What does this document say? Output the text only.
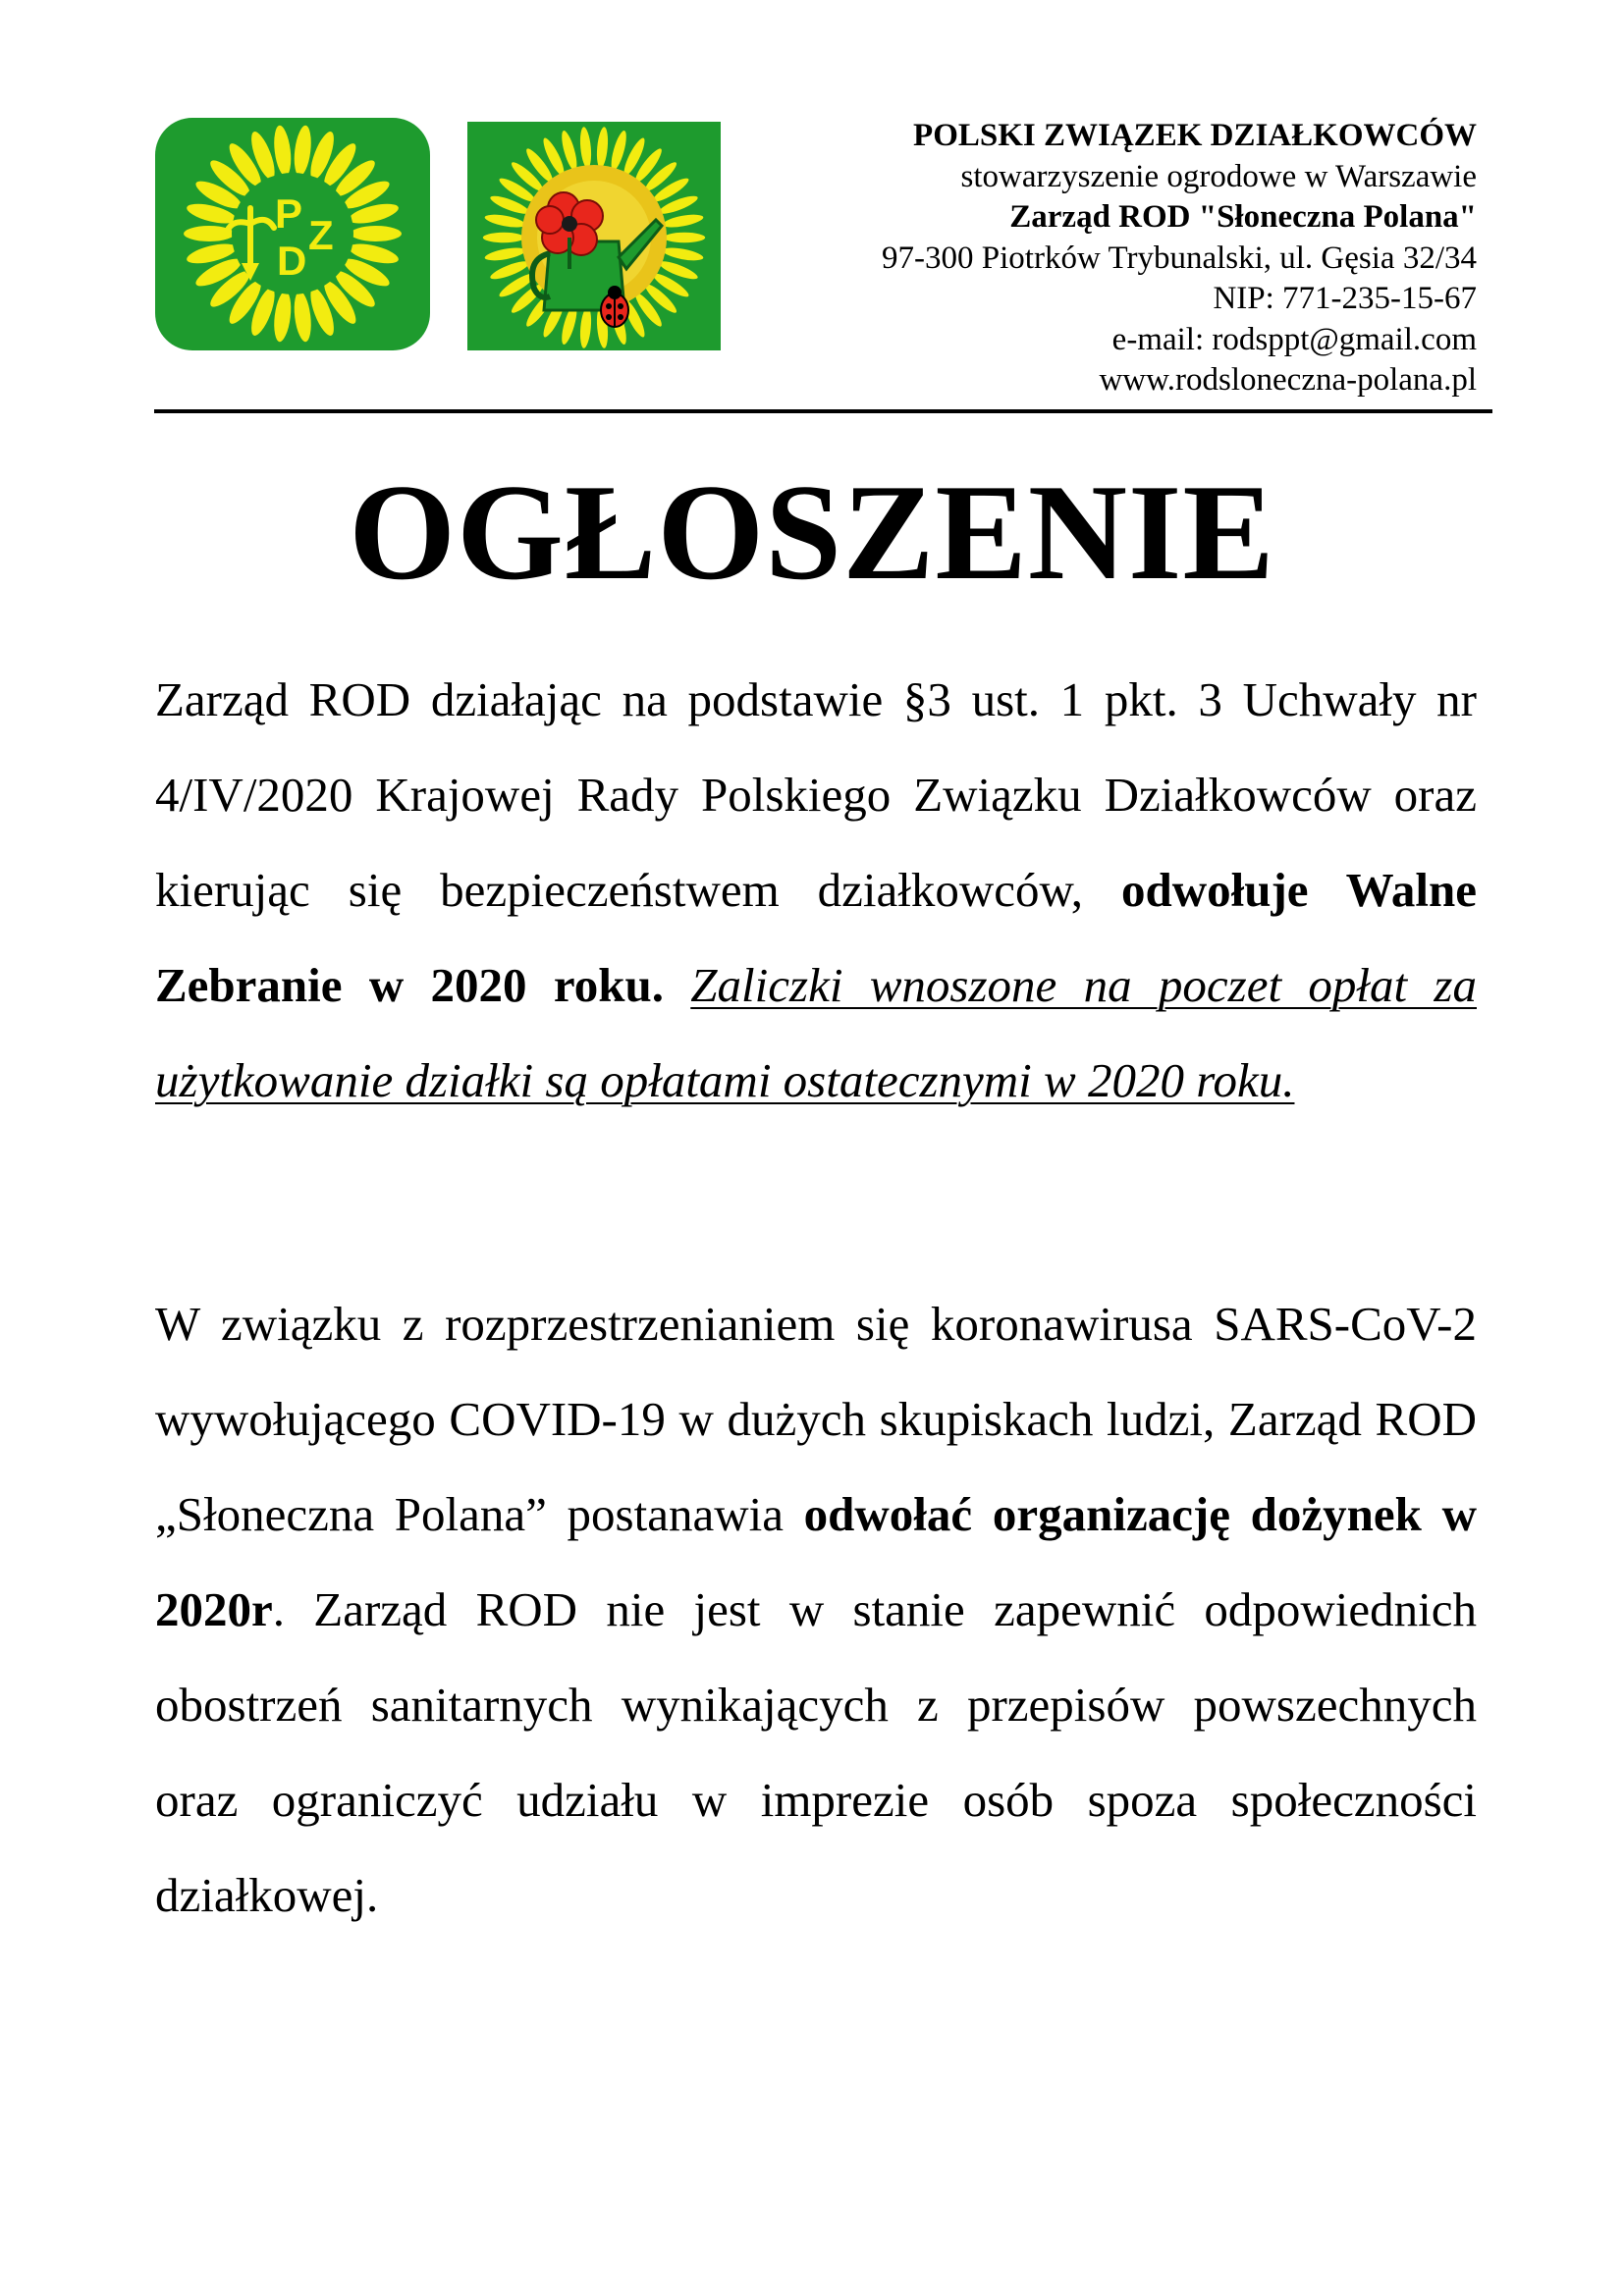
P Z
D
POLSKI ZWIĄZEK DZIAŁKOWCÓW
stowarzyszenie ogrodowe w Warszawie
Zarząd ROD "Słoneczna Polana"
97-300 Piotrków Trybunalski, ul. Gęsia 32/34
NIP: 771-235-15-67
e-mail: rodsppt@gmail.com
www.rodsloneczna-polana.pl
OGŁOSZENIE
Zarząd ROD działając na podstawie §3 ust. 1 pkt. 3 Uchwały nr 4/IV/2020 Krajowej Rady Polskiego Związku Działkowców oraz kierując się bezpieczeństwem działkowców, odwołuje Walne Zebranie w 2020 roku. Zaliczki wnoszone na poczet opłat za użytkowanie działki są opłatami ostatecznymi w 2020 roku.
W związku z rozprzestrzenianiem się koronawirusa SARS-CoV-2 wywołującego COVID-19 w dużych skupiskach ludzi, Zarząd ROD „Słoneczna Polana” postanawia odwołać organizację dożynek w 2020r. Zarząd ROD nie jest w stanie zapewnić odpowiednich obostrzeń sanitarnych wynikających z przepisów powszechnych oraz ograniczyć udziału w imprezie osób spoza społeczności działkowej.
